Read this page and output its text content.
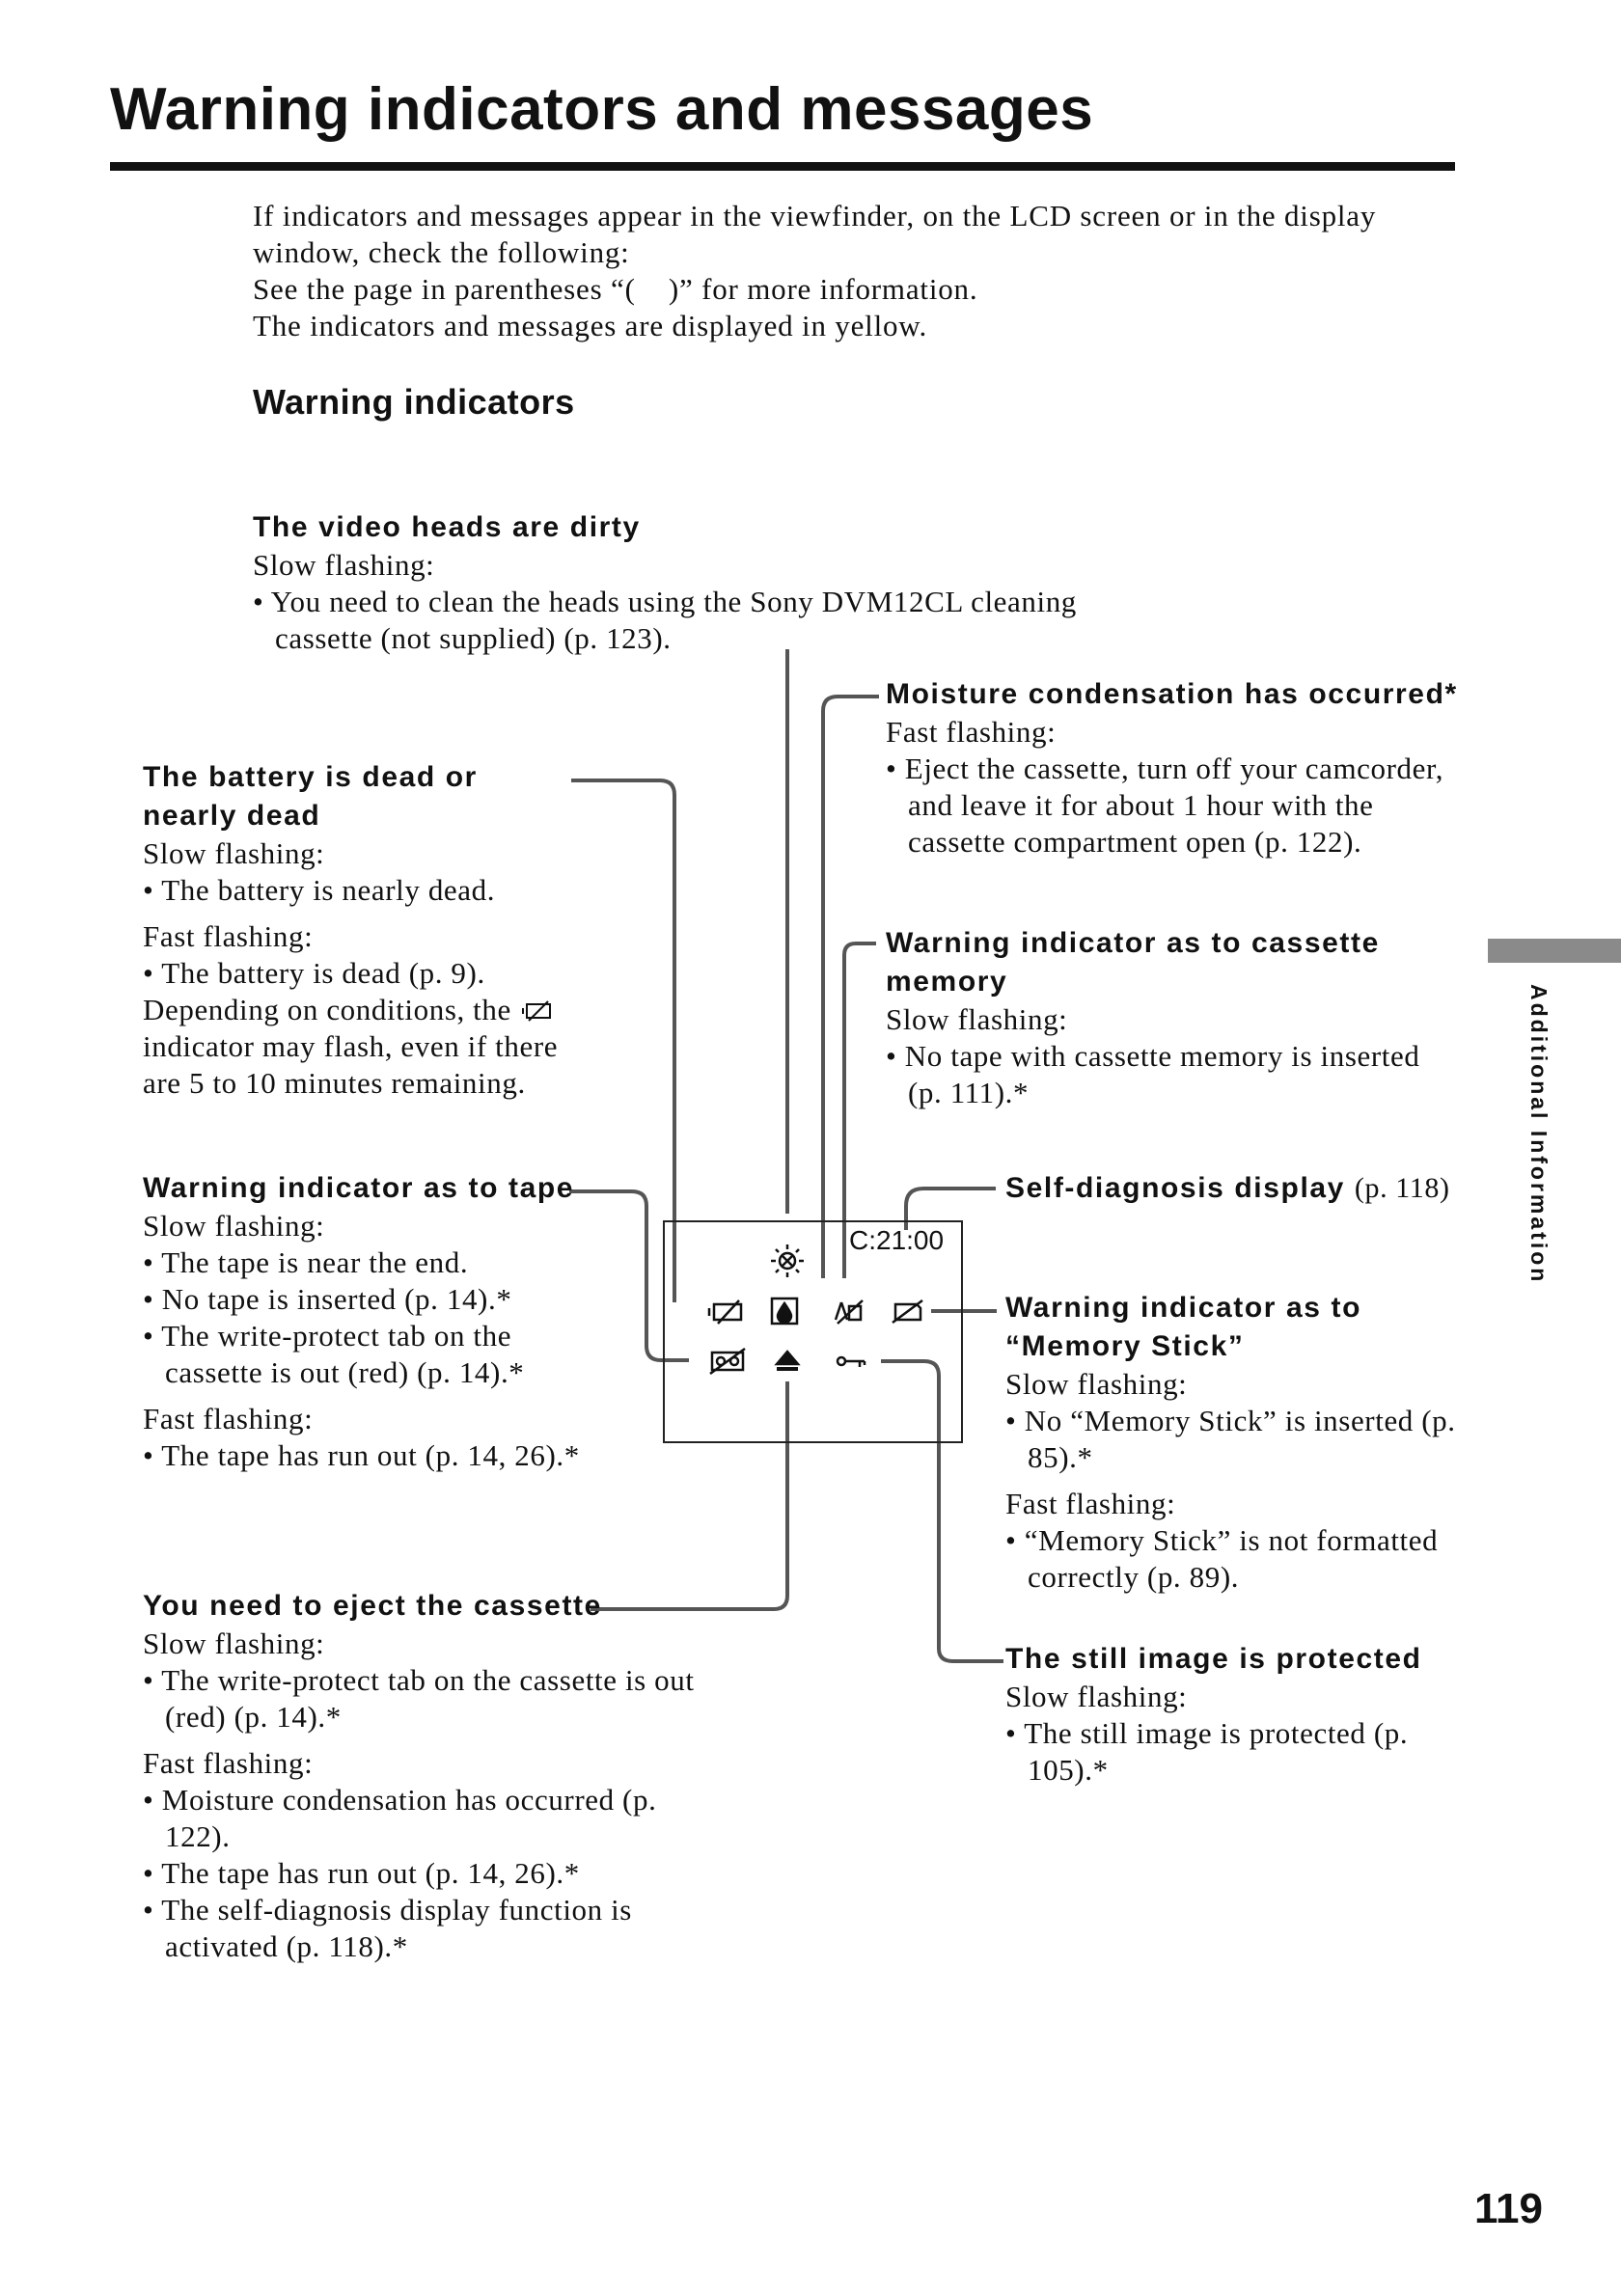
Warning indicators and messages

If indicators and messages appear in the viewfinder, on the LCD screen or in the display window, check the following:

See the page in parentheses “(    )” for more information.

The indicators and messages are displayed in yellow.

Warning indicators
C:21:00
The video heads are dirty

Slow flashing:

• You need to clean the heads using the Sony DVM12CL cleaning cassette (not supplied) (p. 123).

Moisture condensation has occurred*

Fast flashing:

• Eject the cassette, turn off your camcorder, and leave it for about 1 hour with the cassette compartment open (p. 122).

The battery is dead or nearly dead

Slow flashing:

• The battery is nearly dead.

Fast flashing:

• The battery is dead (p. 9).

Depending on conditions, the

indicator may flash, even if there are 5 to 10 minutes remaining.

Warning indicator as to cassette memory

Slow flashing:

• No tape with cassette memory is inserted (p. 111).*

Self-diagnosis display (p. 118)
Warning indicator as to tape

Slow flashing:

• The tape is near the end.

• No tape is inserted (p. 14).*

• The write-protect tab on the cassette is out (red) (p. 14).*

Fast flashing:

• The tape has run out (p. 14, 26).*

Warning indicator as to
“Memory Stick”

Slow flashing:

• No “Memory Stick” is inserted (p. 85).*

Fast flashing:

• “Memory Stick” is not formatted correctly (p. 89).

You need to eject the cassette

Slow flashing:

• The write-protect tab on the cassette is out (red) (p. 14).*

Fast flashing:

• Moisture condensation has occurred (p. 122).

• The tape has run out (p. 14, 26).*

• The self-diagnosis display function is activated (p. 118).*

The still image is protected

Slow flashing:

• The still image is protected (p. 105).*

Additional Information
119
